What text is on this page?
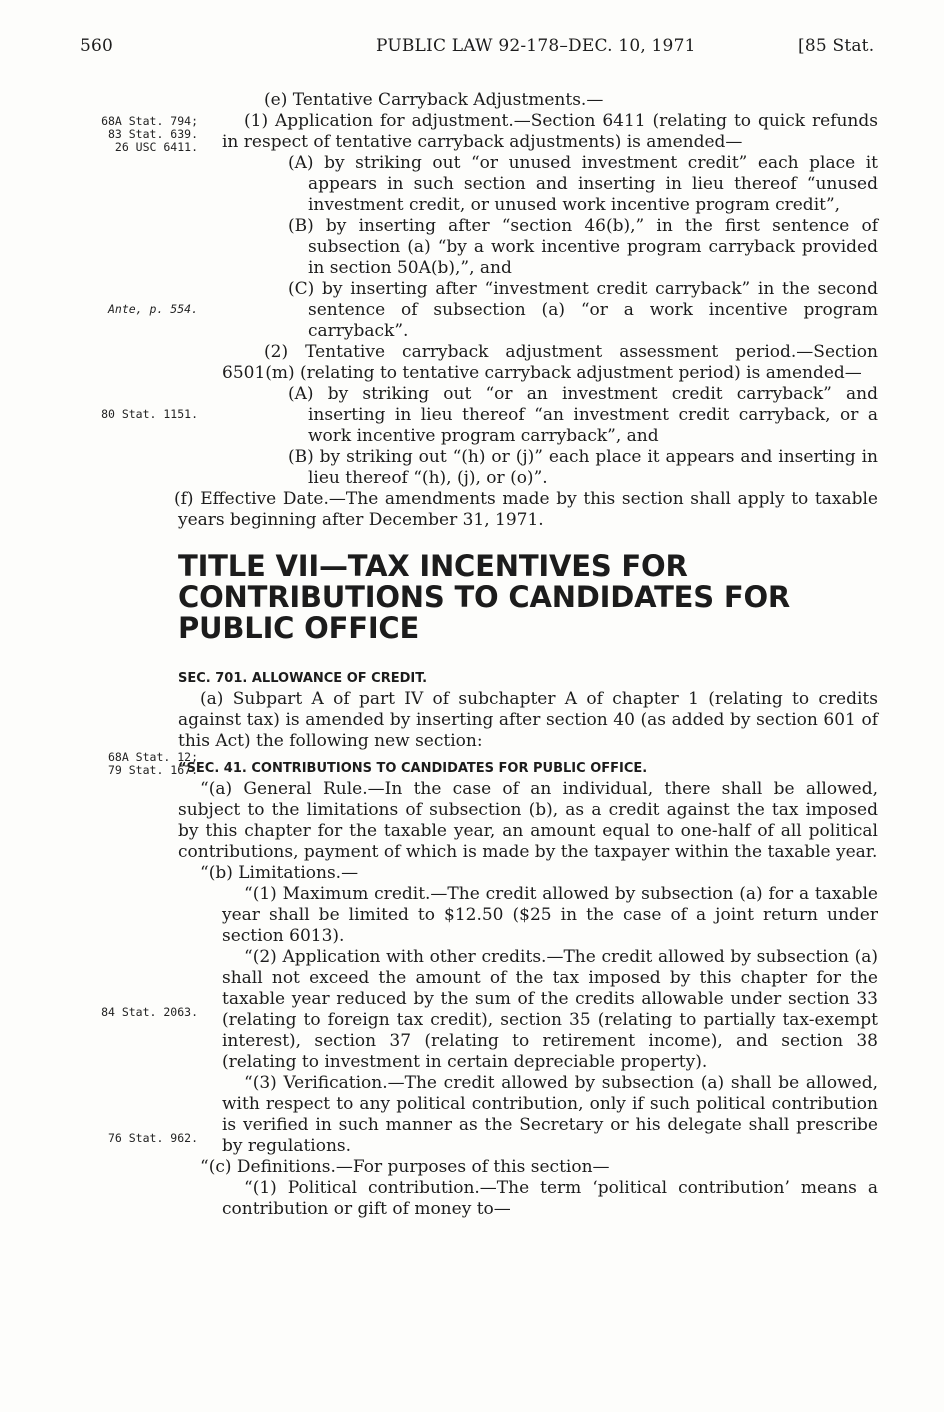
560	PUBLIC LAW 92-178–DEC. 10, 1971	[85 Stat.
68A Stat. 794;
83 Stat. 639.
26 USC 6411.
Ante, p. 554.
80 Stat. 1151.
68A Stat. 12;
79 Stat. 167.
84 Stat. 2063.
76 Stat. 962.

(e) Tentative Carryback Adjustments.—

(1) Application for adjustment.—Section 6411 (relating to quick refunds in respect of tentative carryback adjustments) is amended—

(A) by striking out “or unused investment credit” each place it appears in such section and inserting in lieu thereof “unused investment credit, or unused work incentive program credit”,

(B) by inserting after “section 46(b),” in the first sentence of subsection (a) “by a work incentive program carryback provided in section 50A(b),”, and

(C) by inserting after “investment credit carryback” in the second sentence of subsection (a) “or a work incentive program carryback”.

(2) Tentative carryback adjustment assessment period.—Section 6501(m) (relating to tentative carryback adjustment period) is amended—

(A) by striking out “or an investment credit carryback” and inserting in lieu thereof “an investment credit carryback, or a work incentive program carryback”, and

(B) by striking out “(h) or (j)” each place it appears and inserting in lieu thereof “(h), (j), or (o)”.

(f) Effective Date.—The amendments made by this section shall apply to taxable years beginning after December 31, 1971.

TITLE VII—TAX INCENTIVES FOR CONTRIBUTIONS TO CANDIDATES FOR PUBLIC OFFICE

SEC. 701. ALLOWANCE OF CREDIT.

(a) Subpart A of part IV of subchapter A of chapter 1 (relating to credits against tax) is amended by inserting after section 40 (as added by section 601 of this Act) the following new section:

“SEC. 41. CONTRIBUTIONS TO CANDIDATES FOR PUBLIC OFFICE.

“(a) General Rule.—In the case of an individual, there shall be allowed, subject to the limitations of subsection (b), as a credit against the tax imposed by this chapter for the taxable year, an amount equal to one-half of all political contributions, payment of which is made by the taxpayer within the taxable year.

“(b) Limitations.—

“(1) Maximum credit.—The credit allowed by subsection (a) for a taxable year shall be limited to $12.50 ($25 in the case of a joint return under section 6013).

“(2) Application with other credits.—The credit allowed by subsection (a) shall not exceed the amount of the tax imposed by this chapter for the taxable year reduced by the sum of the credits allowable under section 33 (relating to foreign tax credit), section 35 (relating to partially tax-exempt interest), section 37 (relating to retirement income), and section 38 (relating to investment in certain depreciable property).

“(3) Verification.—The credit allowed by subsection (a) shall be allowed, with respect to any political contribution, only if such political contribution is verified in such manner as the Secretary or his delegate shall prescribe by regulations.

“(c) Definitions.—For purposes of this section—

“(1) Political contribution.—The term ‘political contribution’ means a contribution or gift of money to—
